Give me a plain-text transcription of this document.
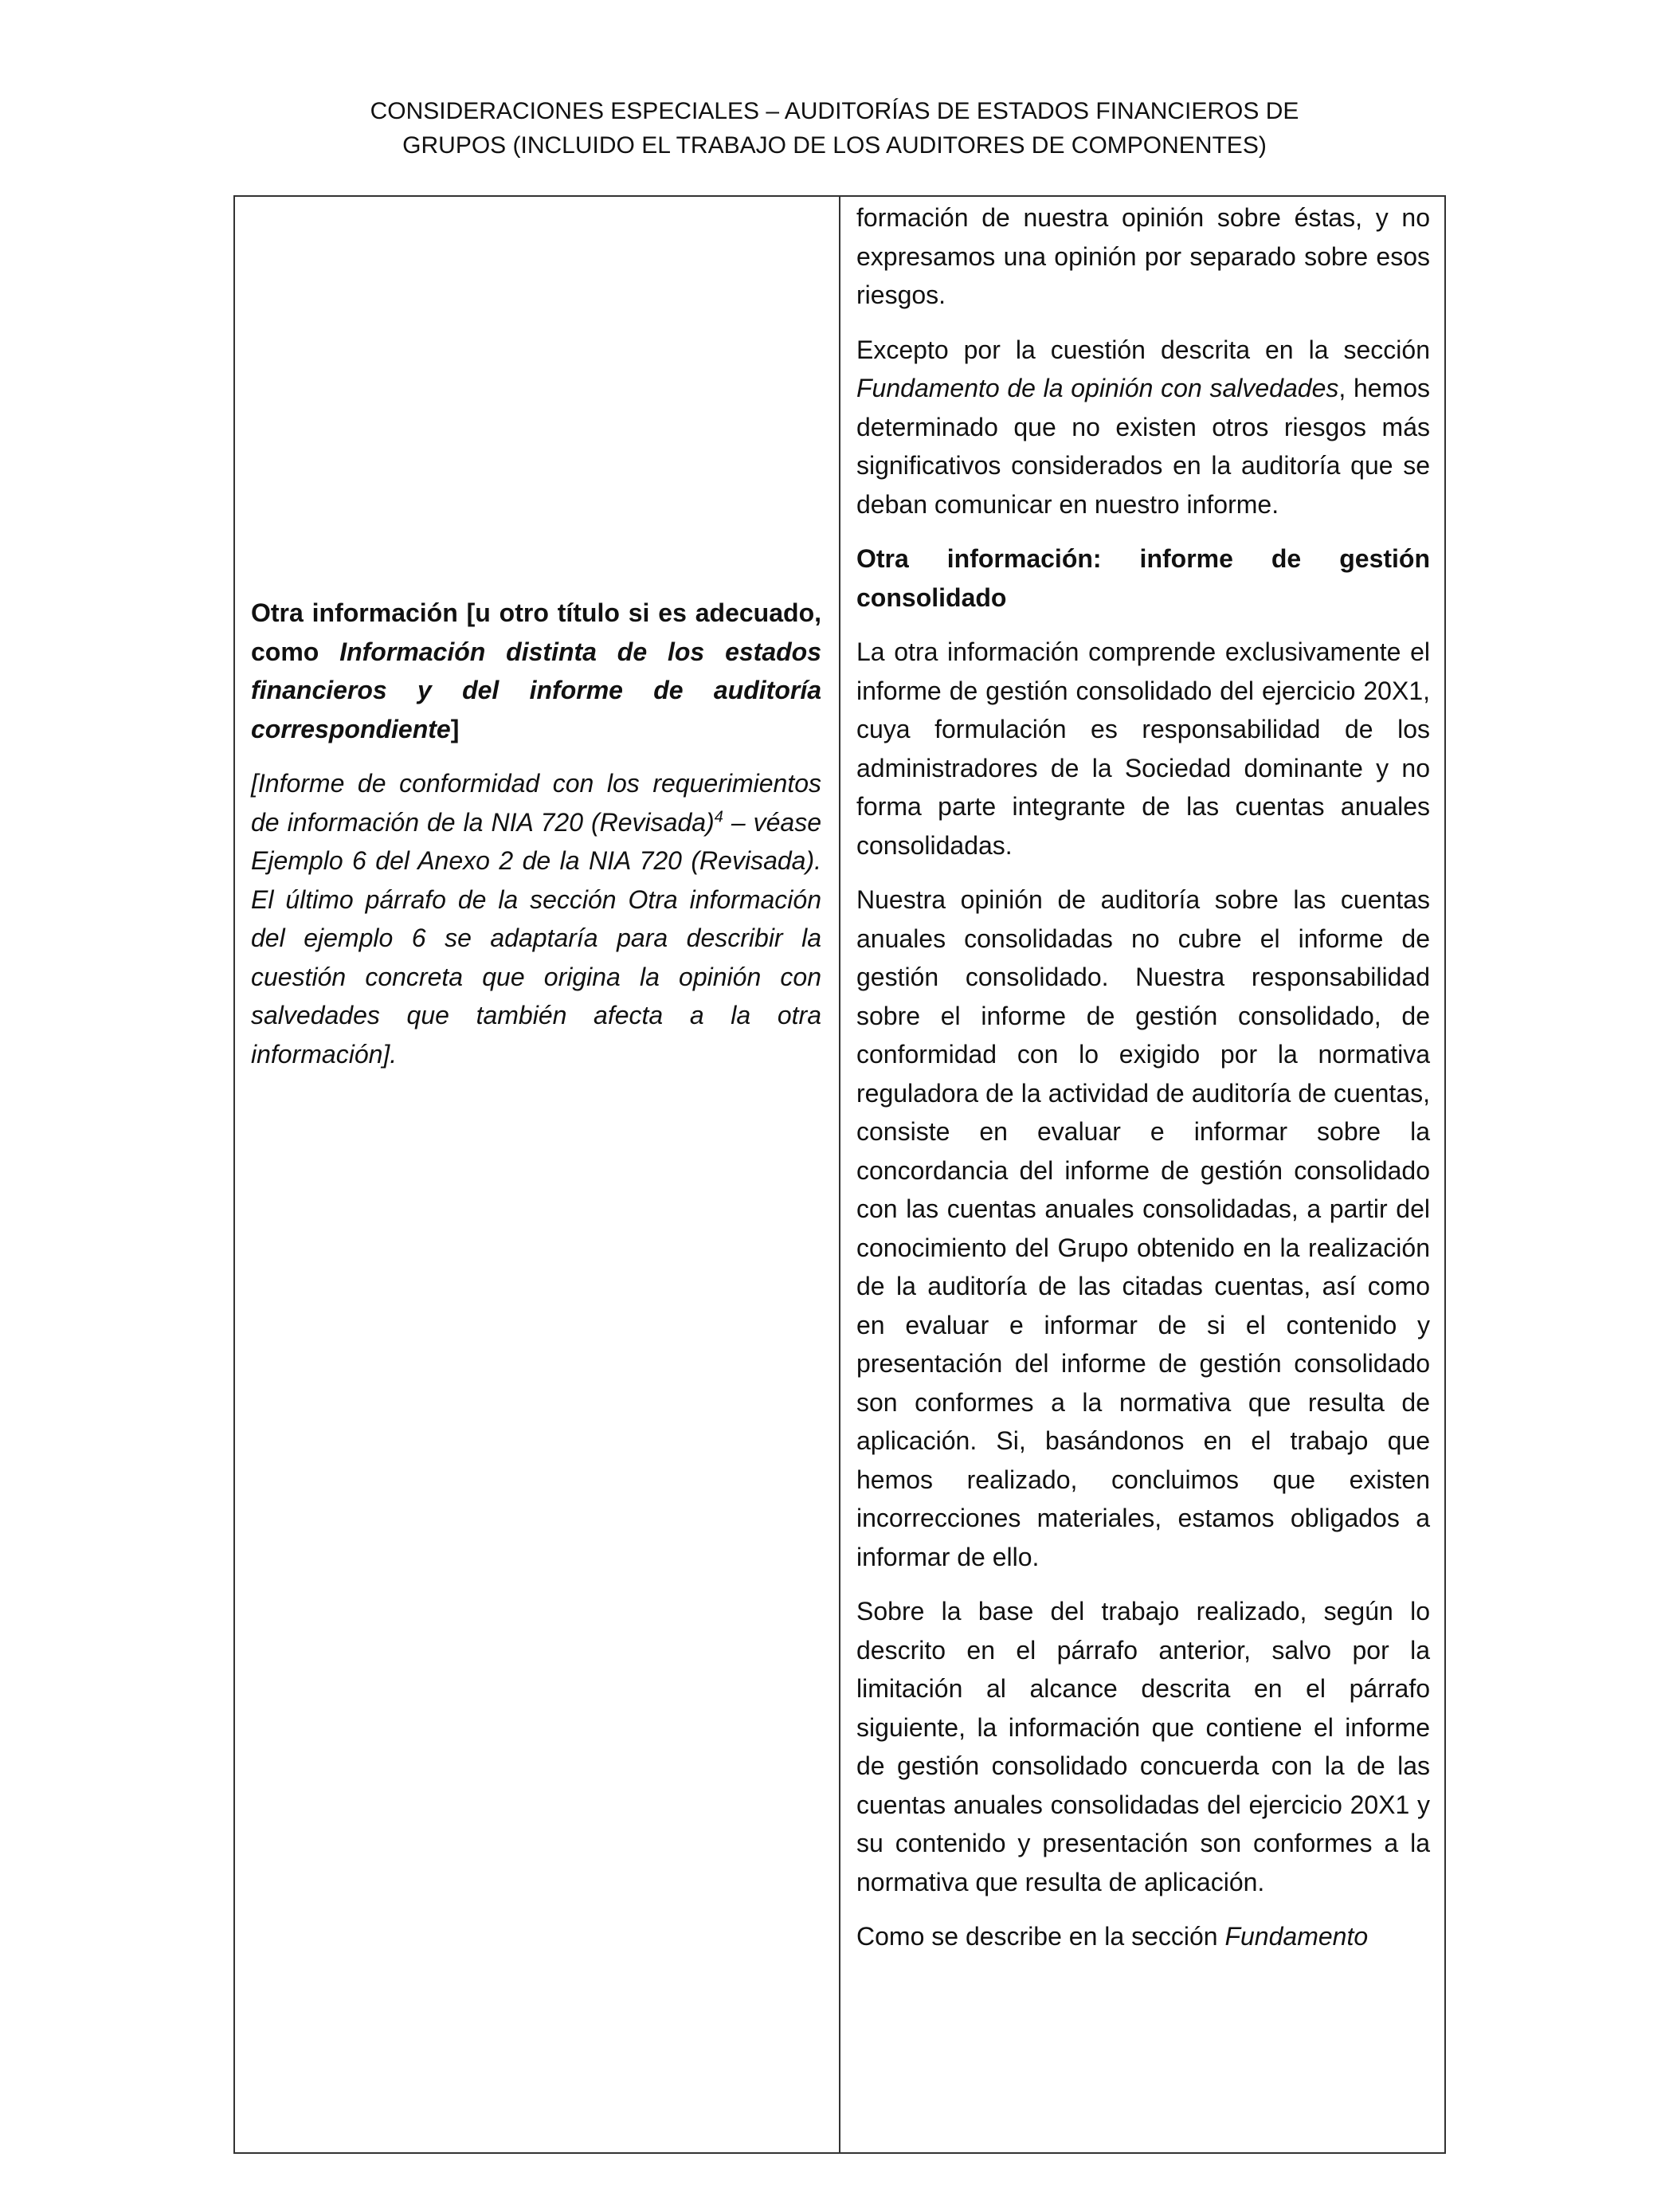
CONSIDERACIONES ESPECIALES – AUDITORÍAS DE ESTADOS FINANCIEROS DE
GRUPOS (INCLUIDO EL TRABAJO DE LOS AUDITORES DE COMPONENTES)

Otra información [u otro título si es adecuado, como Información distinta de los estados financieros y del informe de auditoría correspondiente]

[Informe de conformidad con los requerimientos de información de la NIA 720 (Revisada)$^4$ – véase Ejemplo 6 del Anexo 2 de la NIA 720 (Revisada). El último párrafo de la sección Otra información del ejemplo 6 se adaptaría para describir la cuestión concreta que origina la opinión con salvedades que también afecta a la otra información].

formación de nuestra opinión sobre éstas, y no expresamos una opinión por separado sobre esos riesgos.

Excepto por la cuestión descrita en la sección Fundamento de la opinión con salvedades, hemos determinado que no existen otros riesgos más significativos considerados en la auditoría que se deban comunicar en nuestro informe.

Otra información: informe de gestión consolidado

La otra información comprende exclusivamente el informe de gestión consolidado del ejercicio 20X1, cuya formulación es responsabilidad de los administradores de la Sociedad dominante y no forma parte integrante de las cuentas anuales consolidadas.

Nuestra opinión de auditoría sobre las cuentas anuales consolidadas no cubre el informe de gestión consolidado. Nuestra responsabilidad sobre el informe de gestión consolidado, de conformidad con lo exigido por la normativa reguladora de la actividad de auditoría de cuentas, consiste en evaluar e informar sobre la concordancia del informe de gestión consolidado con las cuentas anuales consolidadas, a partir del conocimiento del Grupo obtenido en la realización de la auditoría de las citadas cuentas, así como en evaluar e informar de si el contenido y presentación del informe de gestión consolidado son conformes a la normativa que resulta de aplicación. Si, basándonos en el trabajo que hemos realizado, concluimos que existen incorrecciones materiales, estamos obligados a informar de ello.

Sobre la base del trabajo realizado, según lo descrito en el párrafo anterior, salvo por la limitación al alcance descrita en el párrafo siguiente, la información que contiene el informe de gestión consolidado concuerda con la de las cuentas anuales consolidadas del ejercicio 20X1 y su contenido y presentación son conformes a la normativa que resulta de aplicación.

Como se describe en la sección Fundamento
